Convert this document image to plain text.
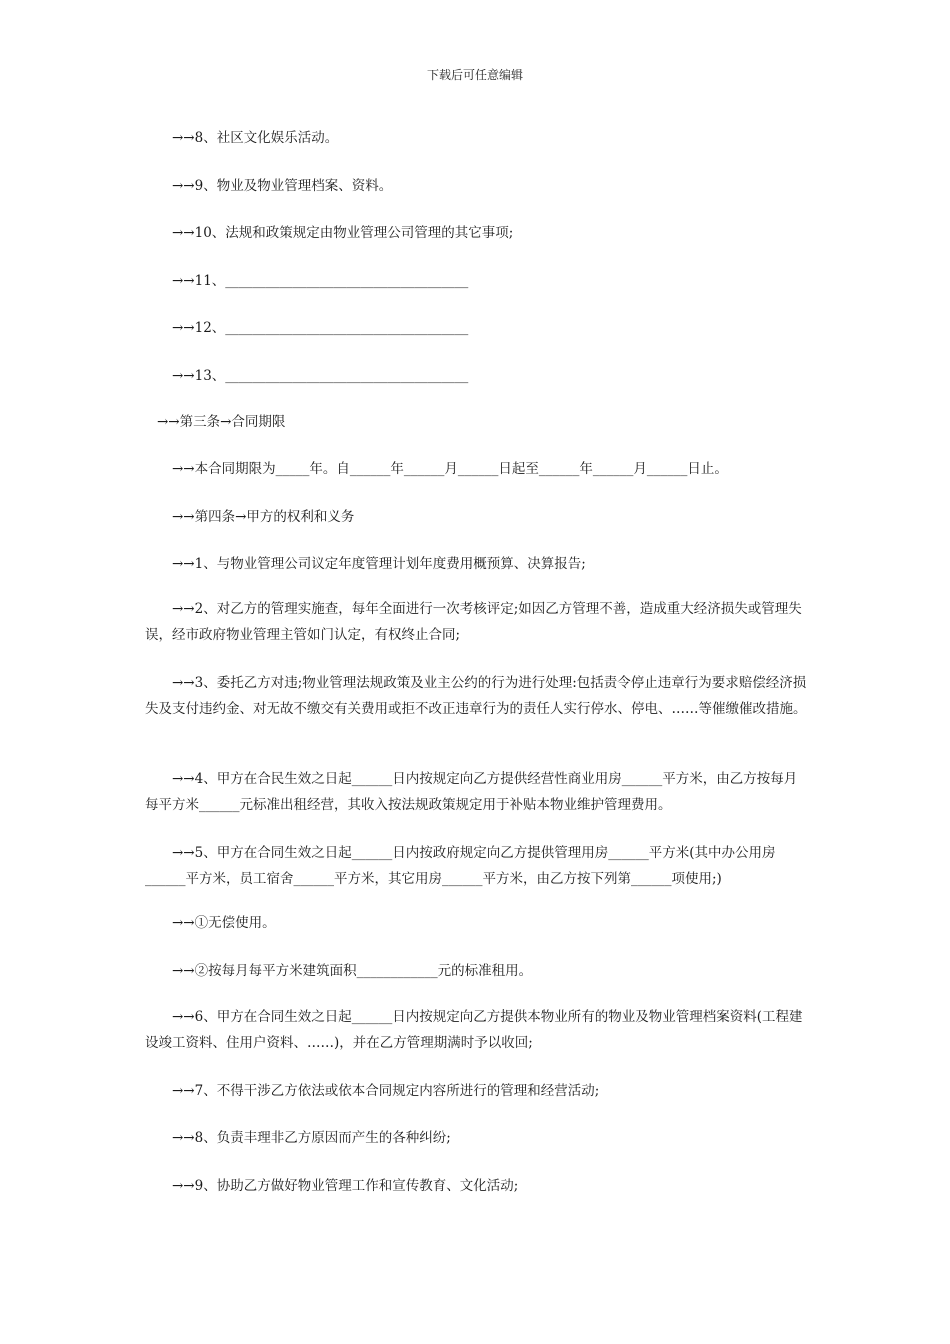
下载后可任意编辑
→→8、社区文化娱乐活动。
→→9、物业及物业管理档案、资料。
→→10、法规和政策规定由物业管理公司管理的其它事项;
→→11、____________________________________
→→12、____________________________________
→→13、____________________________________
→→第三条→合同期限
→→本合同期限为_____年。自______年______月______日起至______年______月______日止。
→→第四条→甲方的权利和义务
→→1、与物业管理公司议定年度管理计划年度费用概预算、决算报告;
→→2、对乙方的管理实施查，每年全面进行一次考核评定;如因乙方管理不善，造成重大经济损失或管理失误，经市政府物业管理主管如门认定，有权终止合同;
→→3、委托乙方对违;物业管理法规政策及业主公约的行为进行处理:包括责令停止违章行为要求赔偿经济损失及支付违约金、对无故不缴交有关费用或拒不改正违章行为的责任人实行停水、停电、……等催缴催改措施。
→→4、甲方在合民生效之日起______日内按规定向乙方提供经营性商业用房______平方米，由乙方按每月每平方米______元标准出租经营，其收入按法规政策规定用于补贴本物业维护管理费用。
→→5、甲方在合同生效之日起______日内按政府规定向乙方提供管理用房______平方米(其中办公用房______平方米，员工宿舍______平方米，其它用房______平方米，由乙方按下列第______项使用;)
→→①无偿使用。
→→②按每月每平方米建筑面积____________元的标准租用。
→→6、甲方在合同生效之日起______日内按规定向乙方提供本物业所有的物业及物业管理档案资料(工程建设竣工资料、住用户资料、……)，并在乙方管理期满时予以收回;
→→7、不得干涉乙方依法或依本合同规定内容所进行的管理和经营活动;
→→8、负责丰理非乙方原因而产生的各种纠纷;
→→9、协助乙方做好物业管理工作和宣传教育、文化活动;
